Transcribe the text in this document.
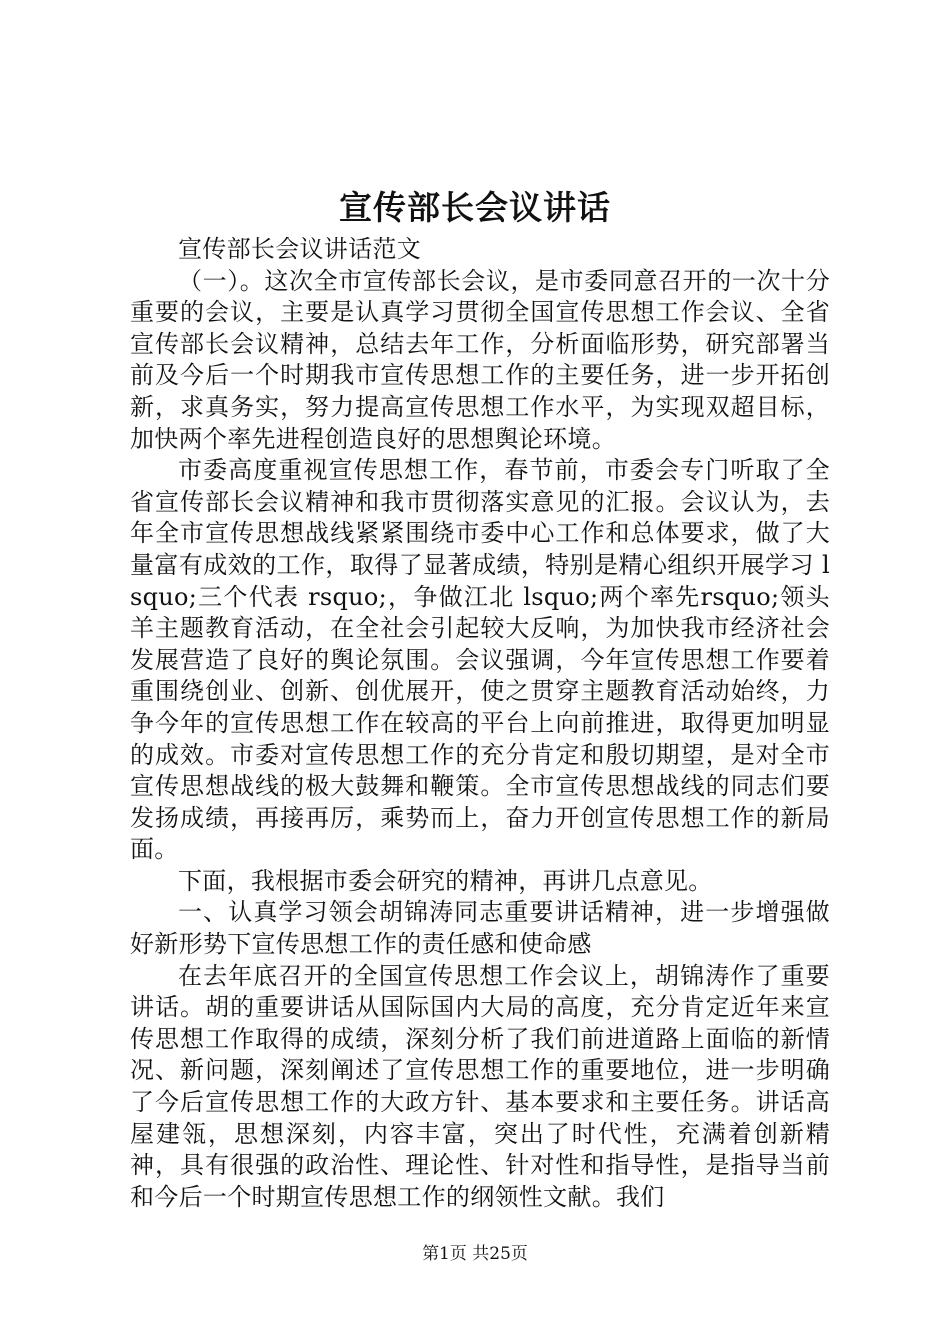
宣传部长会议讲话

宣传部长会议讲话范文

（一）。这次全市宣传部长会议，是市委同意召开的一次十分重要的会议，主要是认真学习贯彻全国宣传思想工作会议、全省宣传部长会议精神，总结去年工作，分析面临形势，研究部署当前及今后一个时期我市宣传思想工作的主要任务，进一步开拓创新，求真务实，努力提高宣传思想工作水平，为实现双超目标，加快两个率先进程创造良好的思想舆论环境。

市委高度重视宣传思想工作，春节前，市委会专门听取了全省宣传部长会议精神和我市贯彻落实意见的汇报。会议认为，去年全市宣传思想战线紧紧围绕市委中心工作和总体要求，做了大量富有成效的工作，取得了显著成绩，特别是精心组织开展学习 lsquo;三个代表 rsquo;，争做江北 lsquo;两个率先rsquo;领头羊主题教育活动，在全社会引起较大反响，为加快我市经济社会发展营造了良好的舆论氛围。会议强调，今年宣传思想工作要着重围绕创业、创新、创优展开，使之贯穿主题教育活动始终，力争今年的宣传思想工作在较高的平台上向前推进，取得更加明显的成效。市委对宣传思想工作的充分肯定和殷切期望，是对全市宣传思想战线的极大鼓舞和鞭策。全市宣传思想战线的同志们要发扬成绩，再接再厉，乘势而上，奋力开创宣传思想工作的新局面。

下面，我根据市委会研究的精神，再讲几点意见。

一、认真学习领会胡锦涛同志重要讲话精神，进一步增强做好新形势下宣传思想工作的责任感和使命感

在去年底召开的全国宣传思想工作会议上，胡锦涛作了重要讲话。胡的重要讲话从国际国内大局的高度，充分肯定近年来宣传思想工作取得的成绩，深刻分析了我们前进道路上面临的新情况、新问题，深刻阐述了宣传思想工作的重要地位，进一步明确了今后宣传思想工作的大政方针、基本要求和主要任务。讲话高屋建瓴，思想深刻，内容丰富，突出了时代性，充满着创新精神，具有很强的政治性、理论性、针对性和指导性，是指导当前和今后一个时期宣传思想工作的纲领性文献。我们

第1页 共25页
